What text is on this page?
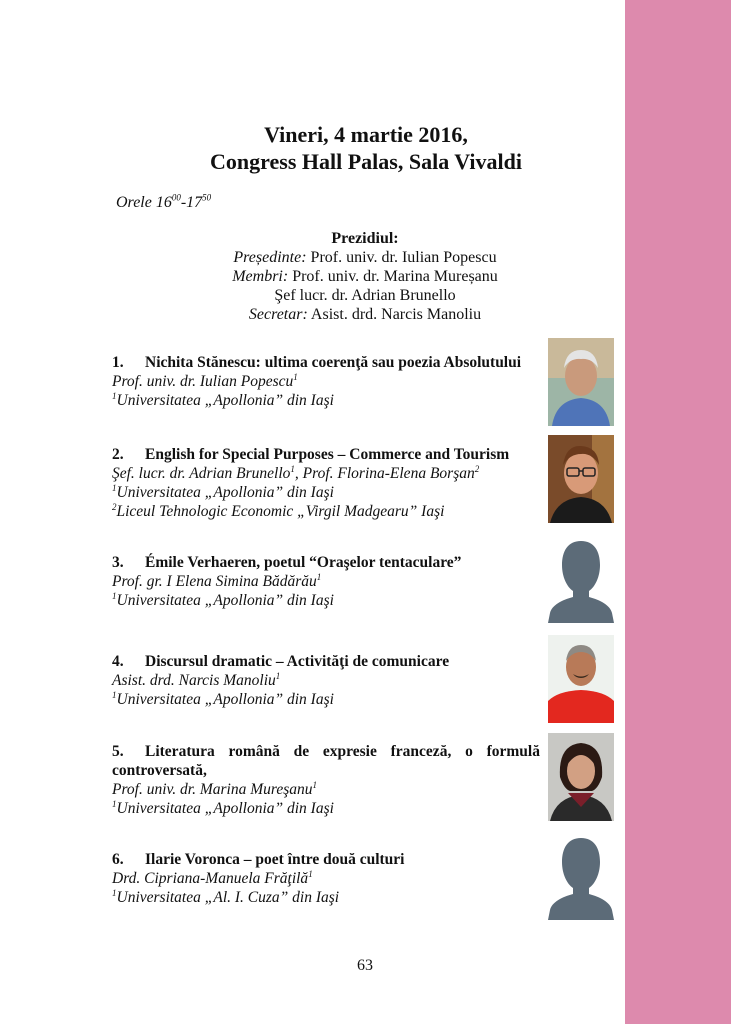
Vineri, 4 martie 2016,
Congress Hall Palas, Sala Vivaldi
Orele $16^{00}-17^{50}$
Prezidiul:
Președinte: Prof. univ. dr. Iulian Popescu
Membri: Prof. univ. dr. Marina Mureșanu
Şef lucr. dr. Adrian Brunello
Secretar: Asist. drd. Narcis Manoliu
1. Nichita Stănescu: ultima coerenţă sau poezia Absolutului
Prof. univ. dr. Iulian Popescu$^1$
$^1$Universitatea „Apollonia” din Iaşi
2. English for Special Purposes – Commerce and Tourism
Şef. lucr. dr. Adrian Brunello$^1$, Prof. Florina-Elena Borşan$^2$
$^1$Universitatea „Apollonia” din Iaşi
$^2$Liceul Tehnologic Economic „Virgil Madgearu” Iaşi
3. Émile Verhaeren, poetul “Oraşelor tentaculare”
Prof. gr. I Elena Simina Bădărău$^1$
$^1$Universitatea „Apollonia” din Iaşi
4. Discursul dramatic – Activităţi de comunicare
Asist. drd. Narcis Manoliu$^1$
$^1$Universitatea „Apollonia” din Iaşi
5. Literatura română de expresie franceză, o formulă
controversată,
Prof. univ. dr. Marina Mureşanu$^1$
$^1$Universitatea „Apollonia” din Iaşi
6. Ilarie Voronca – poet între două culturi
Drd. Cipriana-Manuela Frăţilă$^1$
$^1$Universitatea „Al. I. Cuza” din Iaşi
63
